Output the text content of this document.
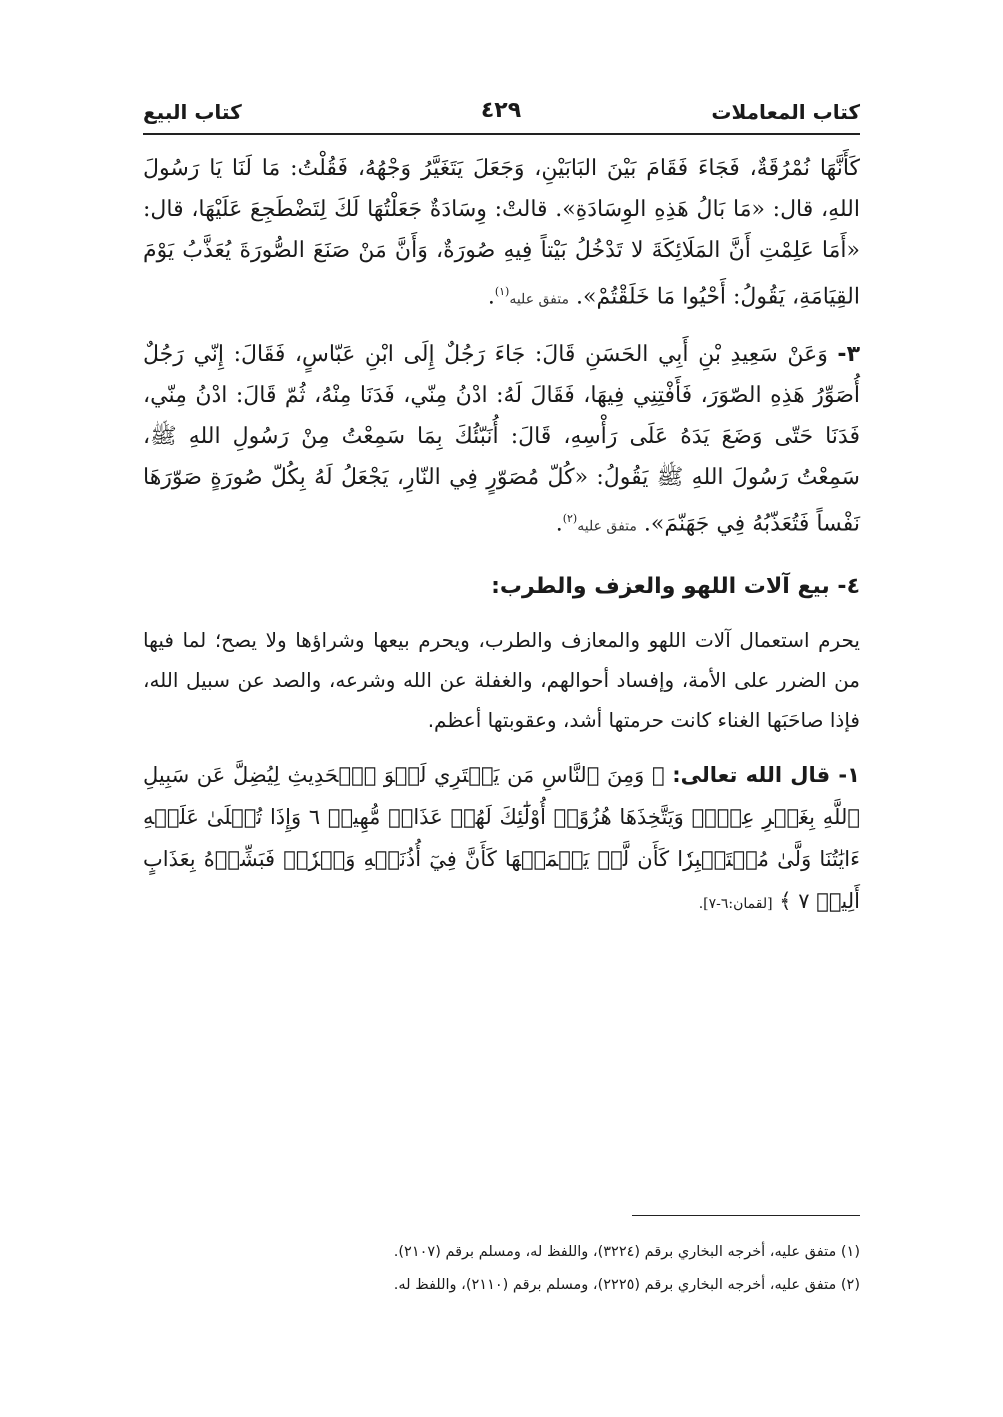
كتاب المعاملات
٤٢٩
كتاب البيع

كَأَنَّهَا نُمْرُقَةٌ، فَجَاءَ فَقَامَ بَيْنَ البَابَيْنِ، وَجَعَلَ يَتَغَيَّرُ وَجْهُهُ، فَقُلْتُ: مَا لَنَا يَا رَسُولَ اللهِ، قال: «مَا بَالُ هَذِهِ الوِسَادَةِ». قالتْ: وِسَادَةٌ جَعَلْتُهَا لَكَ لِتَضْطَجِعَ عَلَيْهَا، قال: «أَمَا عَلِمْتِ أَنَّ المَلَائِكَةَ لا تَدْخُلُ بَيْتاً فِيهِ صُورَةٌ، وَأَنَّ مَنْ صَنَعَ الصُّورَةَ يُعَذَّبُ يَوْمَ القِيَامَةِ، يَقُولُ: أَحْيُوا مَا خَلَقْتُمْ». متفق عليه$^{(١)}$.

٣- وَعَنْ سَعِيدِ بْنِ أَبِي الحَسَنِ قَالَ: جَاءَ رَجُلٌ إِلَى ابْنِ عَبّاسٍ، فَقَالَ: إِنّي رَجُلٌ أُصَوِّرُ هَذِهِ الصّوَرَ، فَأَفْتِنِي فِيهَا، فَقَالَ لَهُ: ادْنُ مِنّي، فَدَنَا مِنْهُ، ثُمّ قَالَ: ادْنُ مِنّي، فَدَنَا حَتّى وَضَعَ يَدَهُ عَلَى رَأْسِهِ، قَالَ: أُنَبّئُكَ بِمَا سَمِعْتُ مِنْ رَسُولِ اللهِ ﷺ، سَمِعْتُ رَسُولَ اللهِ ﷺ يَقُولُ: «كُلّ مُصَوّرٍ فِي النّارِ، يَجْعَلُ لَهُ بِكُلّ صُورَةٍ صَوّرَهَا نَفْساً فَتُعَذّبُهُ فِي جَهَنّمَ». متفق عليه$^{(٢)}$.

٤- بيع آلات اللهو والعزف والطرب:

يحرم استعمال آلات اللهو والمعازف والطرب، ويحرم بيعها وشراؤها ولا يصح؛ لما فيها من الضرر على الأمة، وإفساد أحوالهم، والغفلة عن الله وشرعه، والصد عن سبيل الله، فإذا صاحَبَها الغناء كانت حرمتها أشد، وعقوبتها أعظم.

١- قال الله تعالى: ﴿ وَمِنَ ٱلنَّاسِ مَن يَشۡتَرِي لَهۡوَ ٱلۡحَدِيثِ لِيُضِلَّ عَن سَبِيلِ ٱللَّهِ بِغَيۡرِ عِلۡمٖ وَيَتَّخِذَهَا هُزُوًاۚ أُوْلَٰٓئِكَ لَهُمۡ عَذَابٞ مُّهِينٞ ٦ وَإِذَا تُتۡلَىٰ عَلَيۡهِ ءَايَٰتُنَا وَلَّىٰ مُسۡتَكۡبِرٗا كَأَن لَّمۡ يَسۡمَعۡهَا كَأَنَّ فِيٓ أُذُنَيۡهِ وَقۡرٗاۖ فَبَشِّرۡهُ بِعَذَابٍ أَلِيمٖ ٧ ﴾ [لقمان:٦-٧].

(١) متفق عليه، أخرجه البخاري برقم (٣٢٢٤)، واللفظ له، ومسلم برقم (٢١٠٧).
(٢) متفق عليه، أخرجه البخاري برقم (٢٢٢٥)، ومسلم برقم (٢١١٠)، واللفظ له.
